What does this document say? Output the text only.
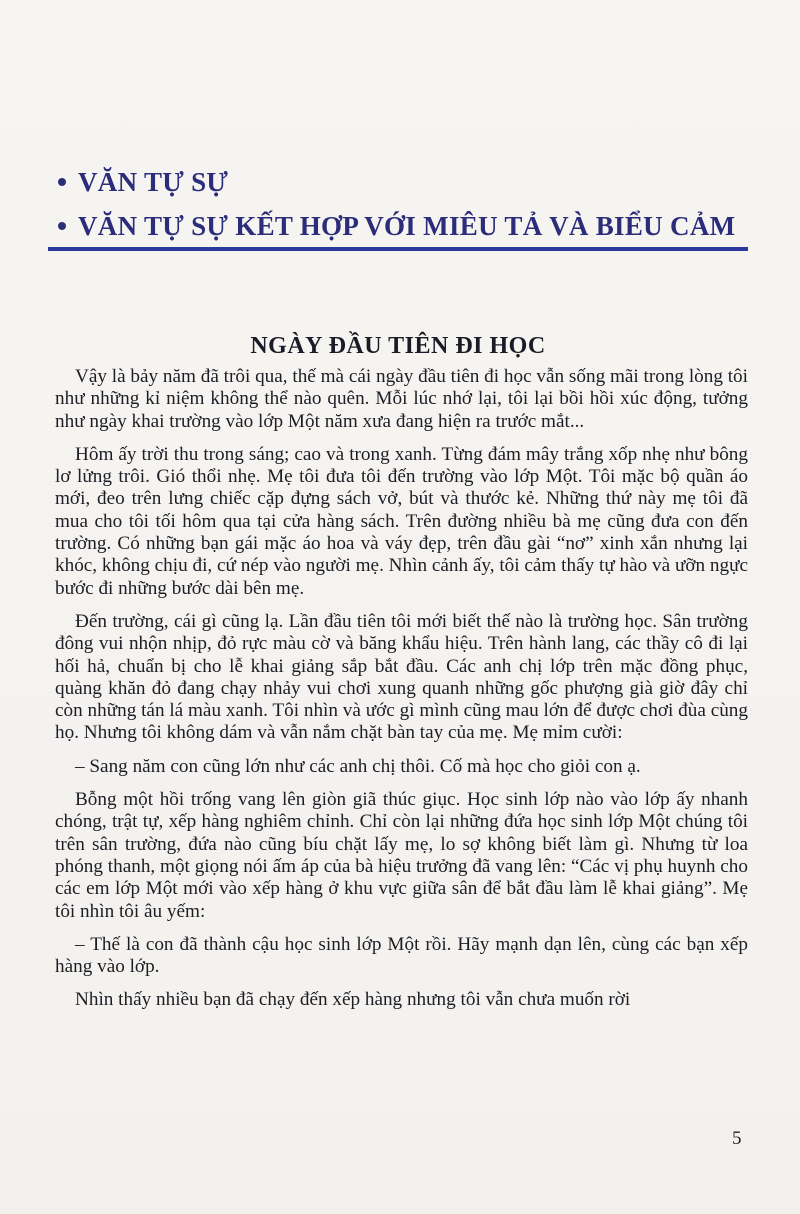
VĂN TỰ SỰ
VĂN TỰ SỰ KẾT HỢP VỚI MIÊU TẢ VÀ BIỂU CẢM
NGÀY ĐẦU TIÊN ĐI HỌC

Vậy là bảy năm đã trôi qua, thế mà cái ngày đầu tiên đi học vẫn sống mãi trong lòng tôi như những kỉ niệm không thể nào quên. Mỗi lúc nhớ lại, tôi lại bồi hồi xúc động, tưởng như ngày khai trường vào lớp Một năm xưa đang hiện ra trước mắt...

Hôm ấy trời thu trong sáng; cao và trong xanh. Từng đám mây trắng xốp nhẹ như bông lơ lửng trôi. Gió thổi nhẹ. Mẹ tôi đưa tôi đến trường vào lớp Một. Tôi mặc bộ quần áo mới, đeo trên lưng chiếc cặp đựng sách vở, bút và thước kẻ. Những thứ này mẹ tôi đã mua cho tôi tối hôm qua tại cửa hàng sách. Trên đường nhiều bà mẹ cũng đưa con đến trường. Có những bạn gái mặc áo hoa và váy đẹp, trên đầu gài “nơ” xinh xắn nhưng lại khóc, không chịu đi, cứ nép vào người mẹ. Nhìn cảnh ấy, tôi cảm thấy tự hào và ưỡn ngực bước đi những bước dài bên mẹ.

Đến trường, cái gì cũng lạ. Lần đầu tiên tôi mới biết thế nào là trường học. Sân trường đông vui nhộn nhịp, đỏ rực màu cờ và băng khẩu hiệu. Trên hành lang, các thầy cô đi lại hối hả, chuẩn bị cho lễ khai giảng sắp bắt đầu. Các anh chị lớp trên mặc đồng phục, quàng khăn đỏ đang chạy nhảy vui chơi xung quanh những gốc phượng già giờ đây chỉ còn những tán lá màu xanh. Tôi nhìn và ước gì mình cũng mau lớn để được chơi đùa cùng họ. Nhưng tôi không dám và vẫn nắm chặt bàn tay của mẹ. Mẹ mỉm cười:

– Sang năm con cũng lớn như các anh chị thôi. Cố mà học cho giỏi con ạ.

Bỗng một hồi trống vang lên giòn giã thúc giục. Học sinh lớp nào vào lớp ấy nhanh chóng, trật tự, xếp hàng nghiêm chỉnh. Chỉ còn lại những đứa học sinh lớp Một chúng tôi trên sân trường, đứa nào cũng bíu chặt lấy mẹ, lo sợ không biết làm gì. Nhưng từ loa phóng thanh, một giọng nói ấm áp của bà hiệu trưởng đã vang lên: “Các vị phụ huynh cho các em lớp Một mới vào xếp hàng ở khu vực giữa sân để bắt đầu làm lễ khai giảng”. Mẹ tôi nhìn tôi âu yếm:

– Thế là con đã thành cậu học sinh lớp Một rồi. Hãy mạnh dạn lên, cùng các bạn xếp hàng vào lớp.

Nhìn thấy nhiều bạn đã chạy đến xếp hàng nhưng tôi vẫn chưa muốn rời

5
